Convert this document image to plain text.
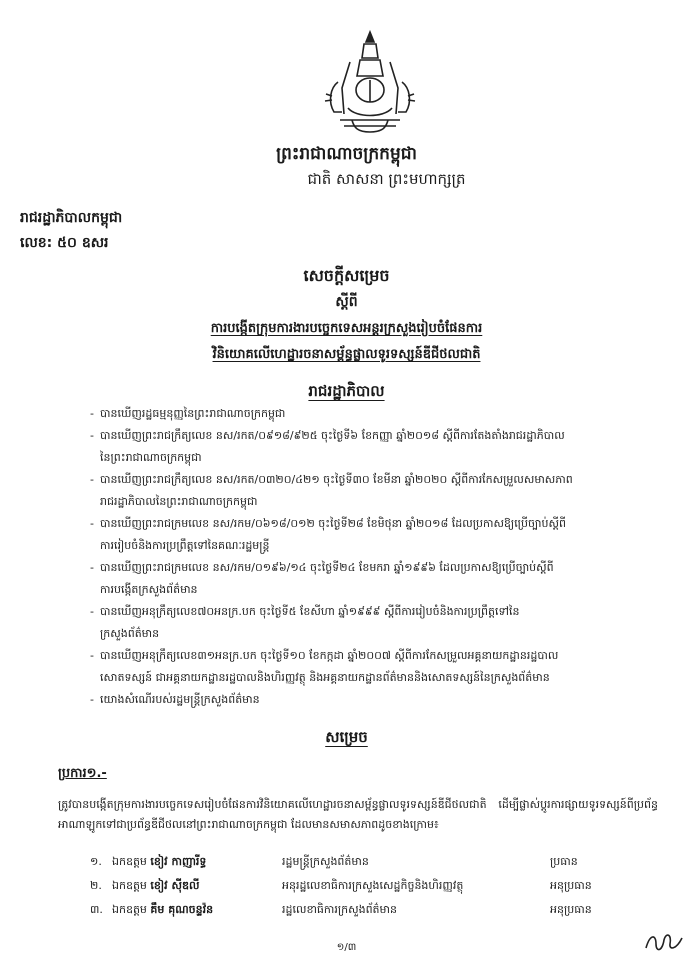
ព្រះរាជាណាចក្រកម្ពុជា
ជាតិ សាសនា ព្រះមហាក្សត្រ
រាជរដ្ឋាភិបាលកម្ពុជា
លេខ: ៥០ ឧសរ
សេចក្តីសម្រេច
ស្តីពី
ការបង្កើតក្រុមការងារបច្ចេកទេសអន្តរក្រសួងរៀបចំផែនការ
វិនិយោគលើហេដ្ឋារចនាសម្ព័ន្ធផ្លាលទូរទស្សន៍ឌីជីថលជាតិ
រាជរដ្ឋាភិបាល
- បានឃើញរដ្ឋធម្មនុញ្ញនៃព្រះរាជាណាចក្រកម្ពុជា
- បានឃើញព្រះរាជក្រឹត្យលេខ នស/រកត/០៩១៨/៩២៥ ចុះថ្ងៃទី៦ ខែកញ្ញា ឆ្នាំ២០១៨ ស្តីពីការតែងតាំងរាជរដ្ឋាភិបាល
នៃព្រះរាជាណាចក្រកម្ពុជា
- បានឃើញព្រះរាជក្រឹត្យលេខ នស/រកត/០៣២០/៤២១ ចុះថ្ងៃទី៣០ ខែមីនា ឆ្នាំ២០២០ ស្តីពីការកែសម្រួលសមាសភាព
រាជរដ្ឋាភិបាលនៃព្រះរាជាណាចក្រកម្ពុជា
- បានឃើញព្រះរាជក្រមលេខ នស/រកម/០៦១៨/០១២ ចុះថ្ងៃទី២៨ ខែមិថុនា ឆ្នាំ២០១៨ ដែលប្រកាសឱ្យប្រើច្បាប់ស្តីពី
ការរៀបចំនិងការប្រព្រឹត្តទៅនៃគណៈរដ្ឋមន្ត្រី
- បានឃើញព្រះរាជក្រមលេខ នស/រកម/០១៩៦/១៤ ចុះថ្ងៃទី២៤ ខែមករា ឆ្នាំ១៩៩៦ ដែលប្រកាសឱ្យប្រើច្បាប់ស្តីពី
ការបង្កើតក្រសួងព័ត៌មាន
- បានឃើញអនុក្រឹត្យលេខ៧០អនក្រ.បក ចុះថ្ងៃទី៥ ខែសីហា ឆ្នាំ១៩៩៩ ស្តីពីការរៀបចំនិងការប្រព្រឹត្តទៅនៃ
ក្រសួងព័ត៌មាន
- បានឃើញអនុក្រឹត្យលេខ៣១អនក្រ.បក ចុះថ្ងៃទី១០ ខែកក្កដា ឆ្នាំ២០០៧ ស្តីពីការកែសម្រួលអគ្គនាយកដ្ឋានរដ្ឋបាល
សោតទស្សន៍ ជាអគ្គនាយកដ្ឋានរដ្ឋបាលនិងហិរញ្ញវត្ថុ និងអគ្គនាយកដ្ឋានព័ត៌មាននិងសោតទស្សន៍នៃក្រសួងព័ត៌មាន
- យោងសំណើរបស់រដ្ឋមន្ត្រីក្រសួងព័ត៌មាន
សម្រេច
ប្រការ១.-
ត្រូវបានបង្កើតក្រុមការងារបច្ចេកទេសរៀបចំផែនការវិនិយោគលើហេដ្ឋារចនាសម្ព័ន្ធផ្លាលទូរទស្សន៍ឌីជីថលជាតិ ដើម្បីផ្លាស់ប្តូរការផ្សាយទូរទស្សន៍ពីប្រព័ន្ធអាណាឡូកទៅជាប្រព័ន្ធឌីជីថលនៅព្រះរាជាណាចក្រកម្ពុជា ដែលមានសមាសភាពដូចខាងក្រោម៖
១. ឯកឧត្តម ខៀវ កាញារីទ្ធ	រដ្ឋមន្ត្រីក្រសួងព័ត៌មាន	ប្រធាន
២. ឯកឧត្តម ខៀវ ស៊ីឌលី	អនុរដ្ឋលេខាធិការក្រសួងសេដ្ឋកិច្ចនិងហិរញ្ញវត្ថុ	អនុប្រធាន
៣. ឯកឧត្តម គឹម គុណចន្ទវ៉ន	រដ្ឋលេខាធិការក្រសួងព័ត៌មាន	អនុប្រធាន
១/៣
